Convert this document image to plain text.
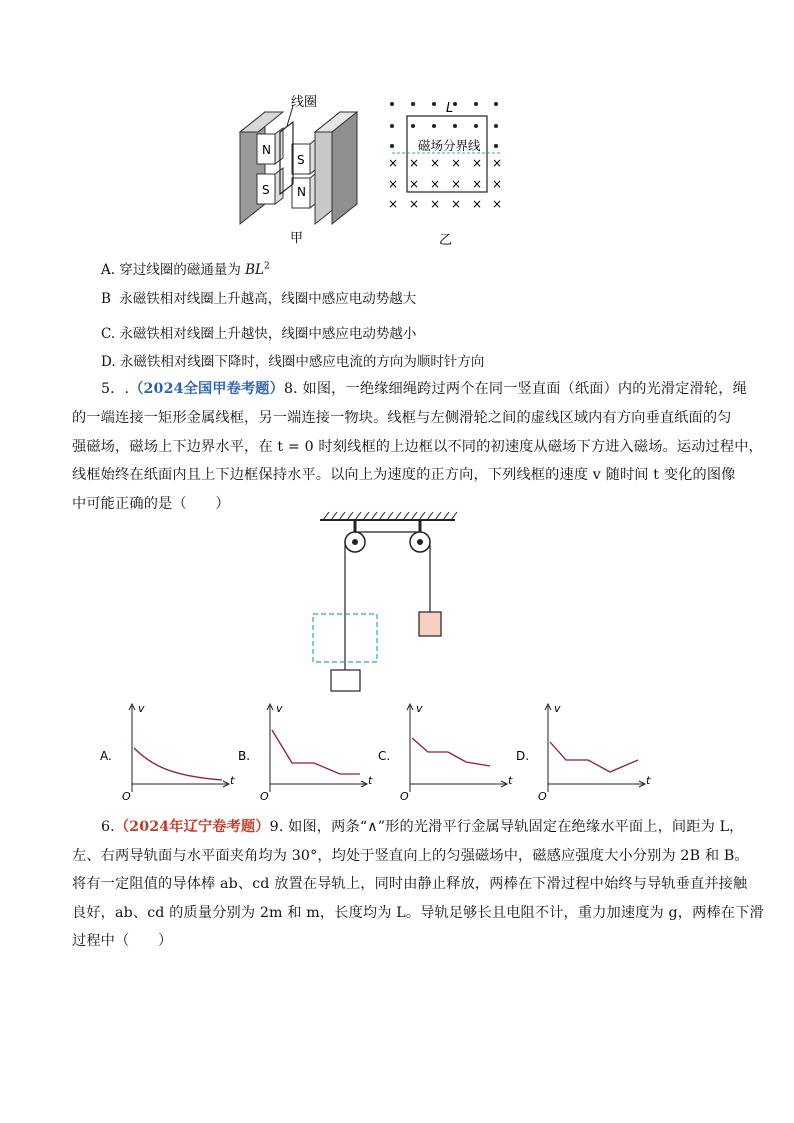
N
S
S
N
线圈
甲
× × × × × ×
× × × × × ×
× × × × × ×
L
磁场分界线
乙
A. 穿过线圈的磁通量为 $BL^2$
B 永磁铁相对线圈上升越高，线圈中感应电动势越大
C. 永磁铁相对线圈上升越快，线圈中感应电动势越小
D. 永磁铁相对线圈下降时，线圈中感应电流的方向为顺时针方向
5．.（2024全国甲卷考题）8. 如图，一绝缘细绳跨过两个在同一竖直面（纸面）内的光滑定滑轮，绳
的一端连接一矩形金属线框，另一端连接一物块。线框与左侧滑轮之间的虚线区域内有方向垂直纸面的匀
强磁场，磁场上下边界水平，在 t = 0 时刻线框的上边框以不同的初速度从磁场下方进入磁场。运动过程中，
线框始终在纸面内且上下边框保持水平。以向上为速度的正方向，下列线框的速度 v 随时间 t 变化的图像
中可能正确的是（　　）
A.
v
t
O
B.
v
t
O
C.
v
t
O
D.
v
t
O
6.（2024年辽宁卷考题）9. 如图，两条“∧”形的光滑平行金属导轨固定在绝缘水平面上，间距为 L，
左、右两导轨面与水平面夹角均为 30°，均处于竖直向上的匀强磁场中，磁感应强度大小分别为 2B 和 B。
将有一定阻值的导体棒 ab、cd 放置在导轨上，同时由静止释放，两棒在下滑过程中始终与导轨垂直并接触
良好，ab、cd 的质量分别为 2m 和 m，长度均为 L。导轨足够长且电阻不计，重力加速度为 g，两棒在下滑
过程中（　　）
